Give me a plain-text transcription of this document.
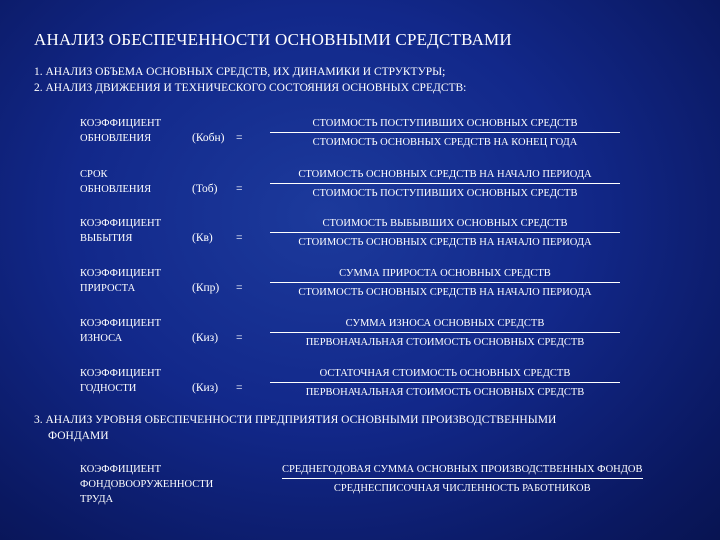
АНАЛИЗ ОБЕСПЕЧЕННОСТИ ОСНОВНЫМИ СРЕДСТВАМИ
1. АНАЛИЗ ОБЪЕМА ОСНОВНЫХ СРЕДСТВ, ИХ ДИНАМИКИ И СТРУКТУРЫ;
2. АНАЛИЗ ДВИЖЕНИЯ И ТЕХНИЧЕСКОГО СОСТОЯНИЯ ОСНОВНЫХ СРЕДСТВ:
КОЭФФИЦИЕНТ
ОБНОВЛЕНИЯ	(Кобн) =
СТОИМОСТЬ ПОСТУПИВШИХ ОСНОВНЫХ СРЕДСТВ
СТОИМОСТЬ ОСНОВНЫХ СРЕДСТВ НА КОНЕЦ ГОДА
СРОК
ОБНОВЛЕНИЯ	(Тоб) =
СТОИМОСТЬ ОСНОВНЫХ СРЕДСТВ НА НАЧАЛО ПЕРИОДА
СТОИМОСТЬ ПОСТУПИВШИХ ОСНОВНЫХ СРЕДСТВ
КОЭФФИЦИЕНТ
ВЫБЫТИЯ	(Кв) =
СТОИМОСТЬ ВЫБЫВШИХ ОСНОВНЫХ СРЕДСТВ
СТОИМОСТЬ ОСНОВНЫХ СРЕДСТВ НА НАЧАЛО ПЕРИОДА
КОЭФФИЦИЕНТ
ПРИРОСТА	(Кпр) =
СУММА ПРИРОСТА ОСНОВНЫХ СРЕДСТВ
СТОИМОСТЬ ОСНОВНЫХ СРЕДСТВ НА НАЧАЛО ПЕРИОДА
КОЭФФИЦИЕНТ
ИЗНОСА	(Киз) =
СУММА ИЗНОСА ОСНОВНЫХ СРЕДСТВ
ПЕРВОНАЧАЛЬНАЯ СТОИМОСТЬ ОСНОВНЫХ СРЕДСТВ
КОЭФФИЦИЕНТ
ГОДНОСТИ	(Киз) =
ОСТАТОЧНАЯ СТОИМОСТЬ ОСНОВНЫХ СРЕДСТВ
ПЕРВОНАЧАЛЬНАЯ СТОИМОСТЬ ОСНОВНЫХ СРЕДСТВ
3. АНАЛИЗ УРОВНЯ ОБЕСПЕЧЕННОСТИ ПРЕДПРИЯТИЯ ОСНОВНЫМИ ПРОИЗВОДСТВЕННЫМИ
ФОНДАМИ
КОЭФФИЦИЕНТ
ФОНДОВООРУЖЕННОСТИ
ТРУДА
СРЕДНЕГОДОВАЯ СУММА ОСНОВНЫХ ПРОИЗВОДСТВЕННЫХ ФОНДОВ
СРЕДНЕСПИСОЧНАЯ ЧИСЛЕННОСТЬ РАБОТНИКОВ
